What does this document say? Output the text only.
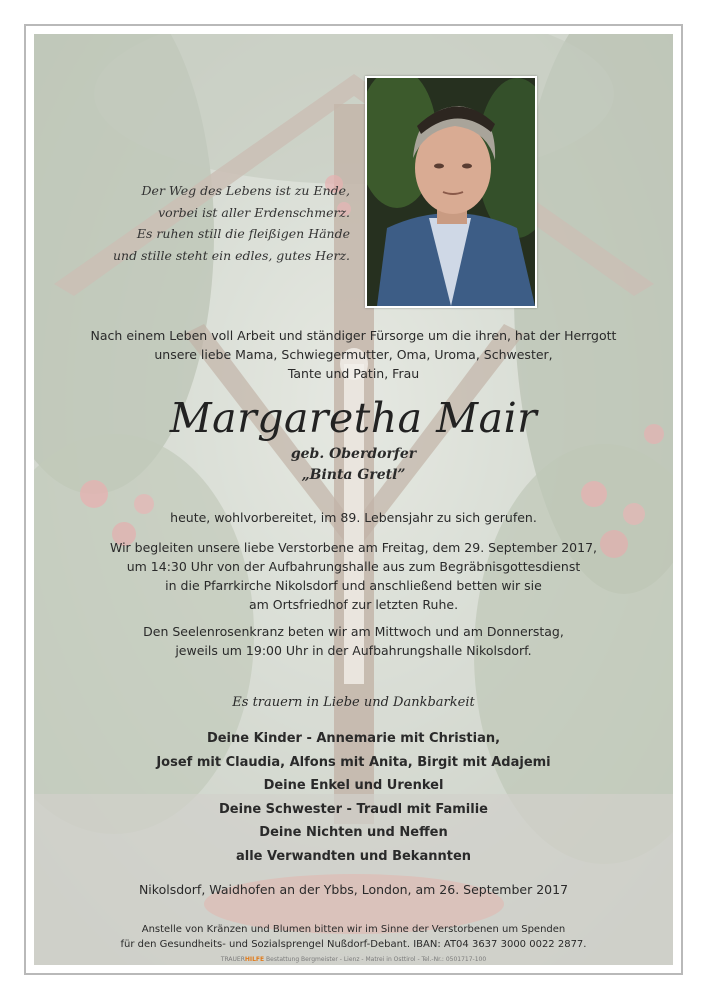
Der Weg des Lebens ist zu Ende,
vorbei ist aller Erdenschmerz.
Es ruhen still die fleißigen Hände
und stille steht ein edles, gutes Herz.
Nach einem Leben voll Arbeit und ständiger Fürsorge um die ihren, hat der Herrgott
unsere liebe Mama, Schwiegermutter, Oma, Uroma, Schwester,
Tante und Patin, Frau
Margaretha Mair
geb. Oberdorfer
„Binta Gretl”
heute, wohlvorbereitet, im 89. Lebensjahr zu sich gerufen.
Wir begleiten unsere liebe Verstorbene am Freitag, dem 29. September 2017,
um 14:30 Uhr von der Aufbahrungshalle aus zum Begräbnisgottesdienst
in die Pfarrkirche Nikolsdorf und anschließend betten wir sie
am Ortsfriedhof zur letzten Ruhe.
Den Seelenrosenkranz beten wir am Mittwoch und am Donnerstag,
jeweils um 19:00 Uhr in der Aufbahrungshalle Nikolsdorf.
Es trauern in Liebe und Dankbarkeit
Deine Kinder - Annemarie mit Christian,
Josef mit Claudia, Alfons mit Anita, Birgit mit Adajemi
Deine Enkel und Urenkel
Deine Schwester - Traudl mit Familie
Deine Nichten und Neffen
alle Verwandten und Bekannten
Nikolsdorf, Waidhofen an der Ybbs, London, am 26. September 2017
Anstelle von Kränzen und Blumen bitten wir im Sinne der Verstorbenen um Spenden
für den Gesundheits- und Sozialsprengel Nußdorf-Debant. IBAN: AT04 3637 3000 0022 2877.
TRAUERHILFE Bestattung Bergmeister - Lienz - Matrei in Osttirol - Tel.-Nr.: 0501717-100
